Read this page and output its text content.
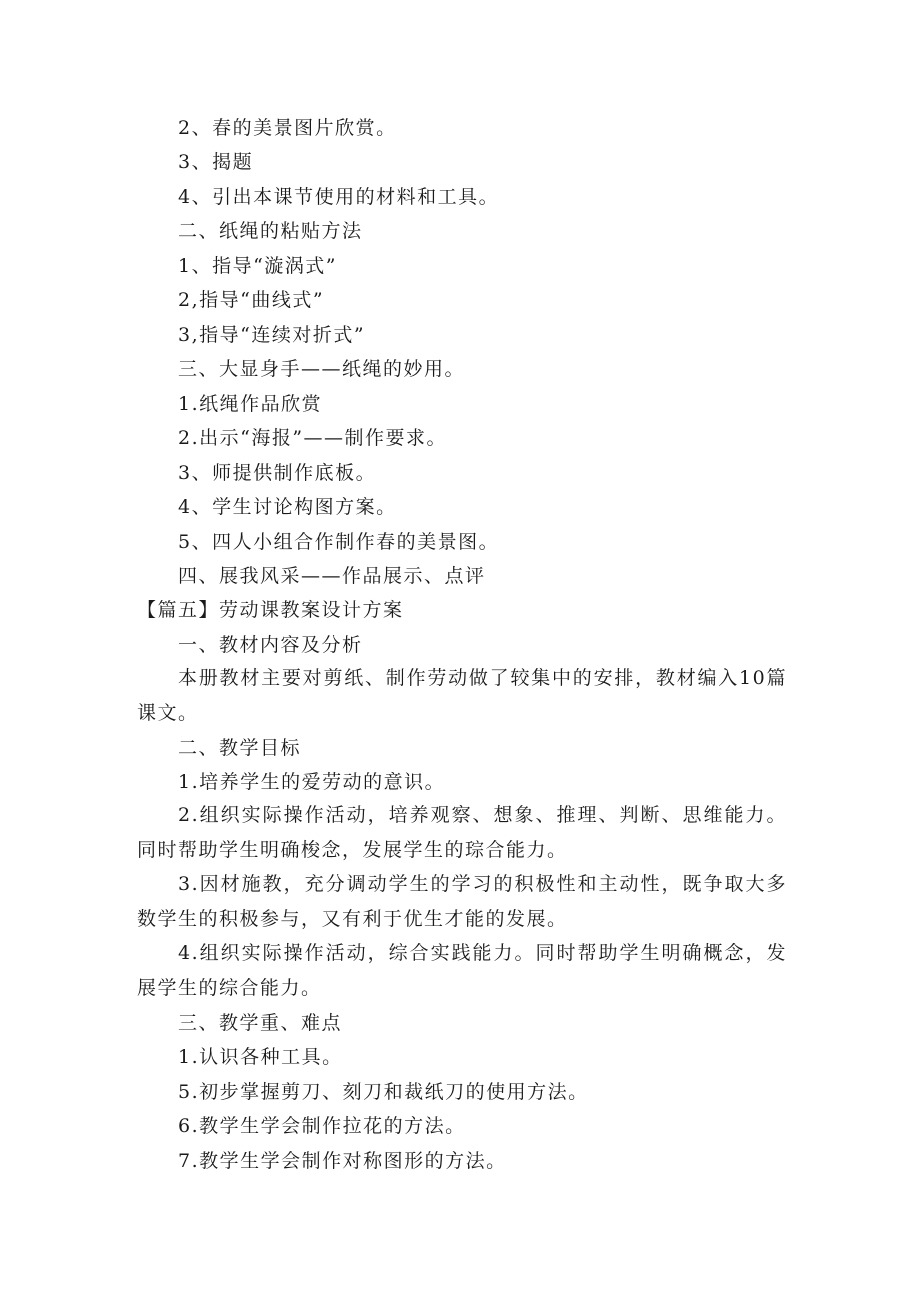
2、春的美景图片欣赏。
3、揭题
4、引出本课节使用的材料和工具。
二、纸绳的粘贴方法
1、指导“漩涡式”
2,指导“曲线式”
3,指导“连续对折式”
三、大显身手——纸绳的妙用。
1.纸绳作品欣赏
2.出示“海报”——制作要求。
3、师提供制作底板。
4、学生讨论构图方案。
5、四人小组合作制作春的美景图。
四、展我风采——作品展示、点评
【篇五】劳动课教案设计方案
一、教材内容及分析
本册教材主要对剪纸、制作劳动做了较集中的安排，教材编入10篇课文。
二、教学目标
1.培养学生的爱劳动的意识。
2.组织实际操作活动，培养观察、想象、推理、判断、思维能力。同时帮助学生明确梭念，发展学生的琮合能力。
3.因材施教，充分调动学生的学习的积极性和主动性，既争取大多数学生的积极参与，又有利于优生才能的发展。
4.组织实际操作活动，综合实践能力。同时帮助学生明确概念，发展学生的综合能力。
三、教学重、难点
1.认识各种工具。
5.初步掌握剪刀、刻刀和裁纸刀的使用方法。
6.教学生学会制作拉花的方法。
7.教学生学会制作对称图形的方法。
